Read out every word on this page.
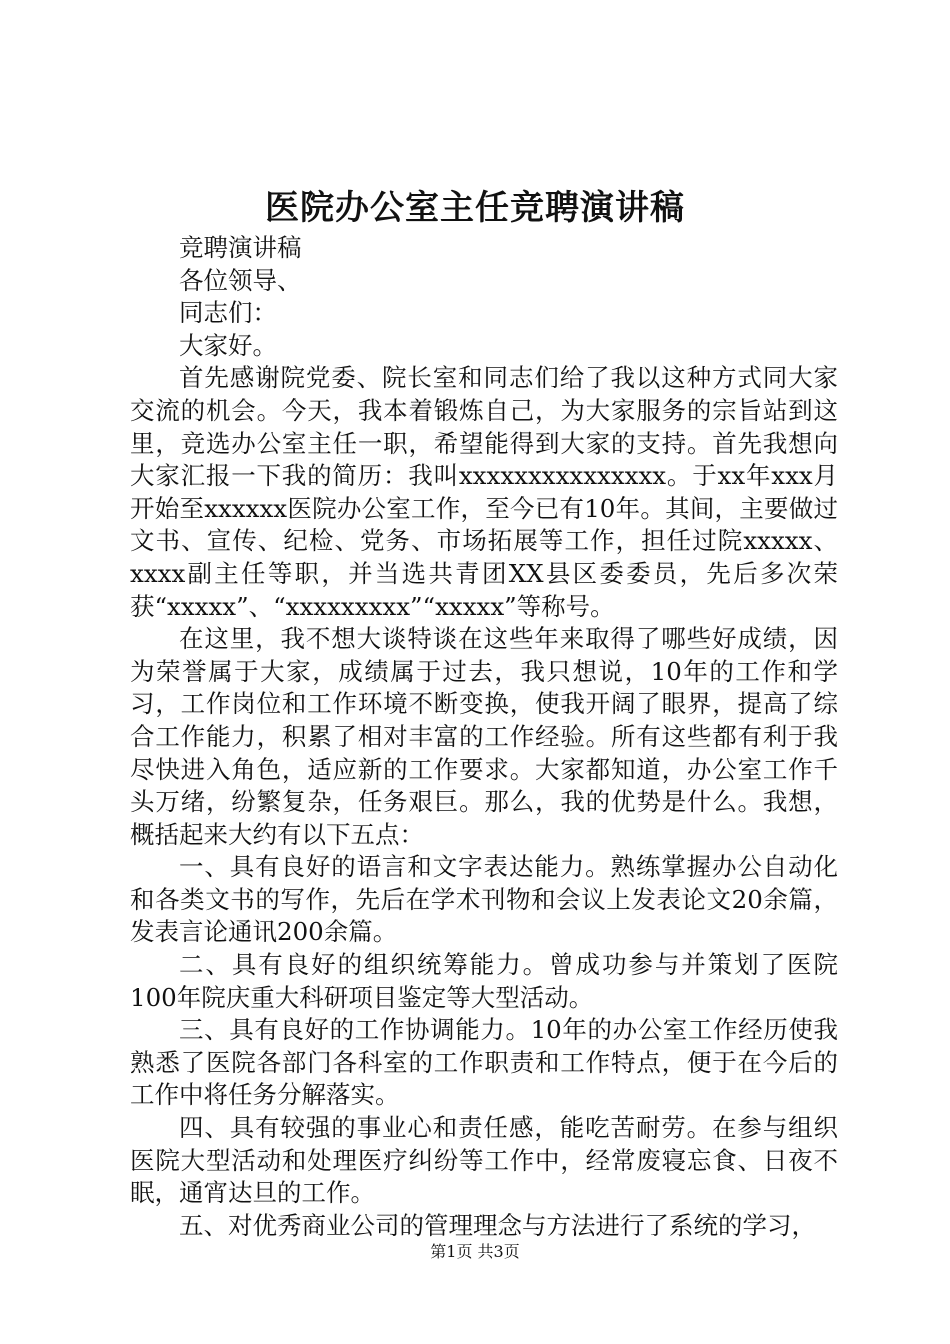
医院办公室主任竞聘演讲稿

竞聘演讲稿

各位领导、

同志们：

大家好。

首先感谢院党委、院长室和同志们给了我以这种方式同大家交流的机会。今天，我本着锻炼自己，为大家服务的宗旨站到这里，竞选办公室主任一职，希望能得到大家的支持。首先我想向大家汇报一下我的简历：我叫xxxxxxxxxxxxxxx。于xx年xxx月开始至xxxxxx医院办公室工作，至今已有10年。其间，主要做过文书、宣传、纪检、党务、市场拓展等工作，担任过院xxxxx、xxxx副主任等职，并当选共青团XX县区委委员，先后多次荣获“xxxxx”、“xxxxxxxxx”“xxxxx”等称号。

在这里，我不想大谈特谈在这些年来取得了哪些好成绩，因为荣誉属于大家，成绩属于过去，我只想说，10年的工作和学习，工作岗位和工作环境不断变换，使我开阔了眼界，提高了综合工作能力，积累了相对丰富的工作经验。所有这些都有利于我尽快进入角色，适应新的工作要求。大家都知道，办公室工作千头万绪，纷繁复杂，任务艰巨。那么，我的优势是什么。我想，概括起来大约有以下五点：

一、具有良好的语言和文字表达能力。熟练掌握办公自动化和各类文书的写作，先后在学术刊物和会议上发表论文20余篇，发表言论通讯200余篇。

二、具有良好的组织统筹能力。曾成功参与并策划了医院100年院庆重大科研项目鉴定等大型活动。

三、具有良好的工作协调能力。10年的办公室工作经历使我熟悉了医院各部门各科室的工作职责和工作特点，便于在今后的工作中将任务分解落实。

四、具有较强的事业心和责任感，能吃苦耐劳。在参与组织医院大型活动和处理医疗纠纷等工作中，经常废寝忘食、日夜不眠，通宵达旦的工作。

五、对优秀商业公司的管理理念与方法进行了系统的学习，

第1页 共3页
